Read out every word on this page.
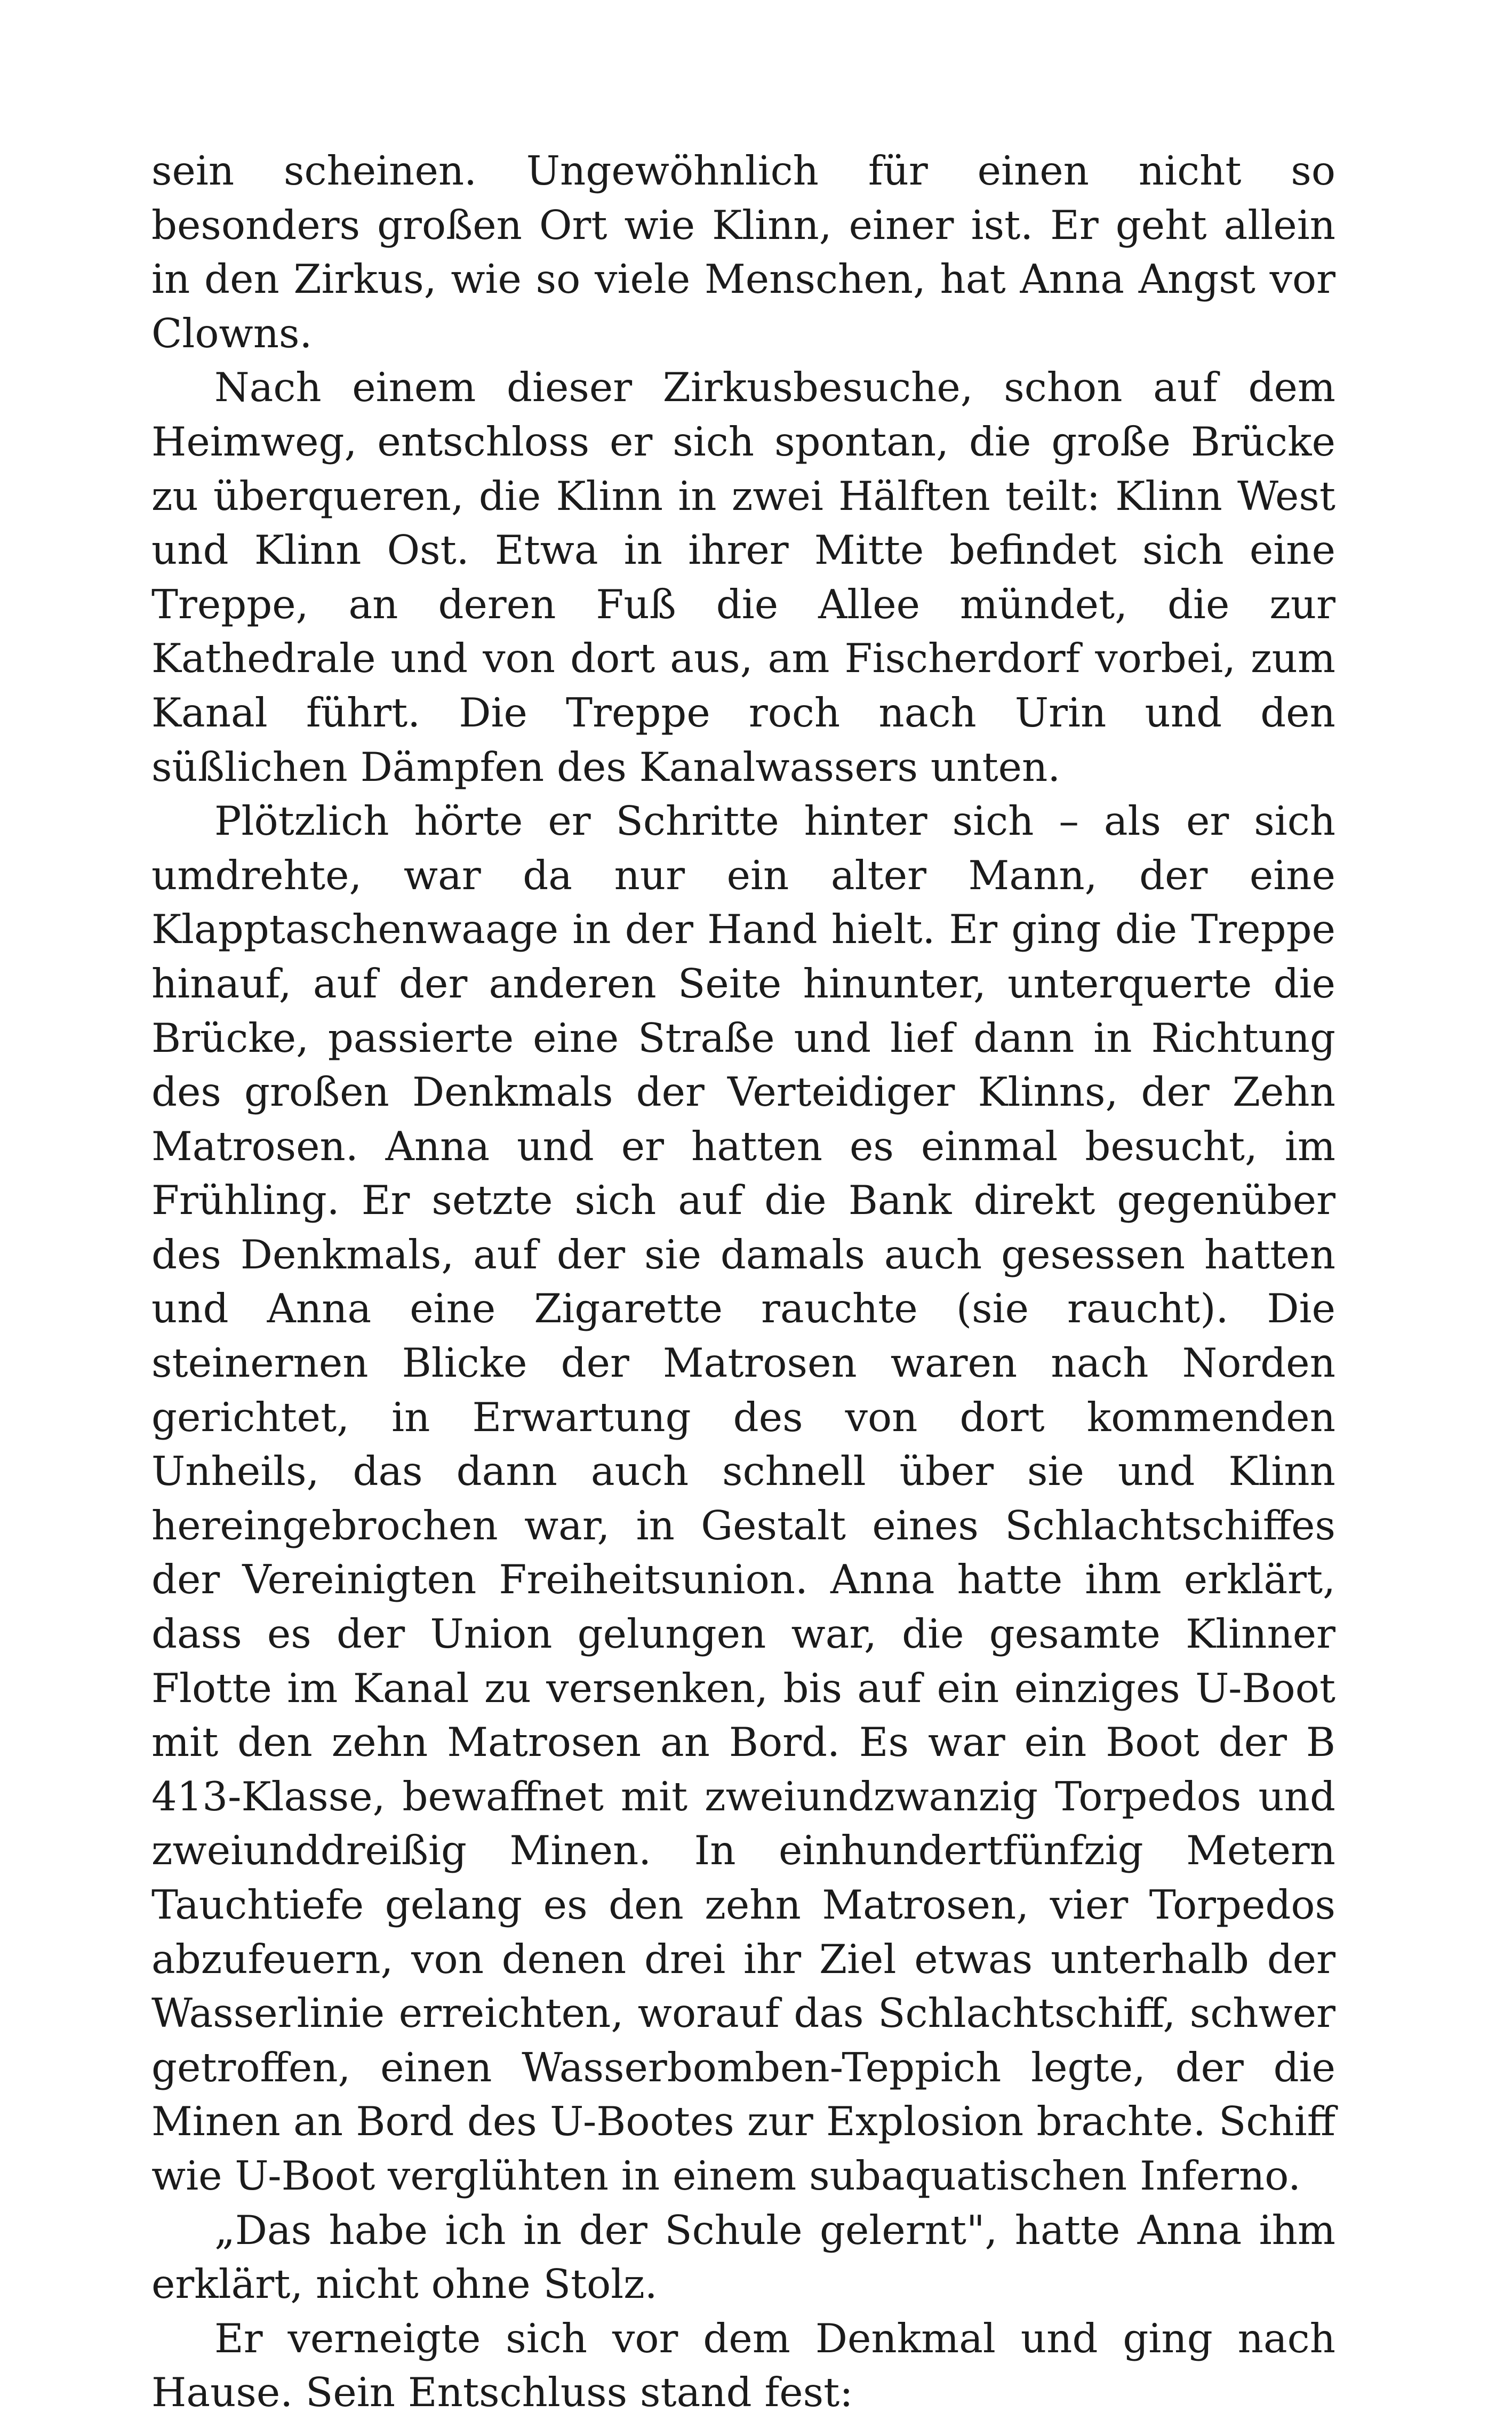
sein scheinen. Ungewöhnlich für einen nicht so besonders großen Ort wie Klinn, einer ist. Er geht allein in den Zirkus, wie so viele Menschen, hat Anna Angst vor Clowns.

Nach einem dieser Zirkusbesuche, schon auf dem Heimweg, entschloss er sich spontan, die große Brücke zu überqueren, die Klinn in zwei Hälften teilt: Klinn West und Klinn Ost. Etwa in ihrer Mitte befindet sich eine Treppe, an deren Fuß die Allee mündet, die zur Kathedrale und von dort aus, am Fischerdorf vorbei, zum Kanal führt. Die Treppe roch nach Urin und den süßlichen Dämpfen des Kanalwassers unten.

Plötzlich hörte er Schritte hinter sich – als er sich umdrehte, war da nur ein alter Mann, der eine Klapptaschenwaage in der Hand hielt. Er ging die Treppe hinauf, auf der anderen Seite hinunter, unterquerte die Brücke, passierte eine Straße und lief dann in Richtung des großen Denkmals der Verteidiger Klinns, der Zehn Matrosen. Anna und er hatten es einmal besucht, im Frühling. Er setzte sich auf die Bank direkt gegenüber des Denkmals, auf der sie damals auch gesessen hatten und Anna eine Zigarette rauchte (sie raucht). Die steinernen Blicke der Matrosen waren nach Norden gerichtet, in Erwartung des von dort kommenden Unheils, das dann auch schnell über sie und Klinn hereingebrochen war, in Gestalt eines Schlachtschiffes der Vereinigten Freiheitsunion. Anna hatte ihm erklärt, dass es der Union gelungen war, die gesamte Klinner Flotte im Kanal zu versenken, bis auf ein einziges U-Boot mit den zehn Matrosen an Bord. Es war ein Boot der B 413-Klasse, bewaffnet mit zweiundzwanzig Torpedos und zweiunddreißig Minen. In einhundertfünfzig Metern Tauchtiefe gelang es den zehn Matrosen, vier Torpedos abzufeuern, von denen drei ihr Ziel etwas unterhalb der Wasserlinie erreichten, worauf das Schlachtschiff, schwer getroffen, einen Wasserbomben-Teppich legte, der die Minen an Bord des U-Bootes zur Explosion brachte. Schiff wie U-Boot verglühten in einem subaquatischen Inferno.

„Das habe ich in der Schule gelernt", hatte Anna ihm erklärt, nicht ohne Stolz.

Er verneigte sich vor dem Denkmal und ging nach Hause. Sein Entschluss stand fest:
